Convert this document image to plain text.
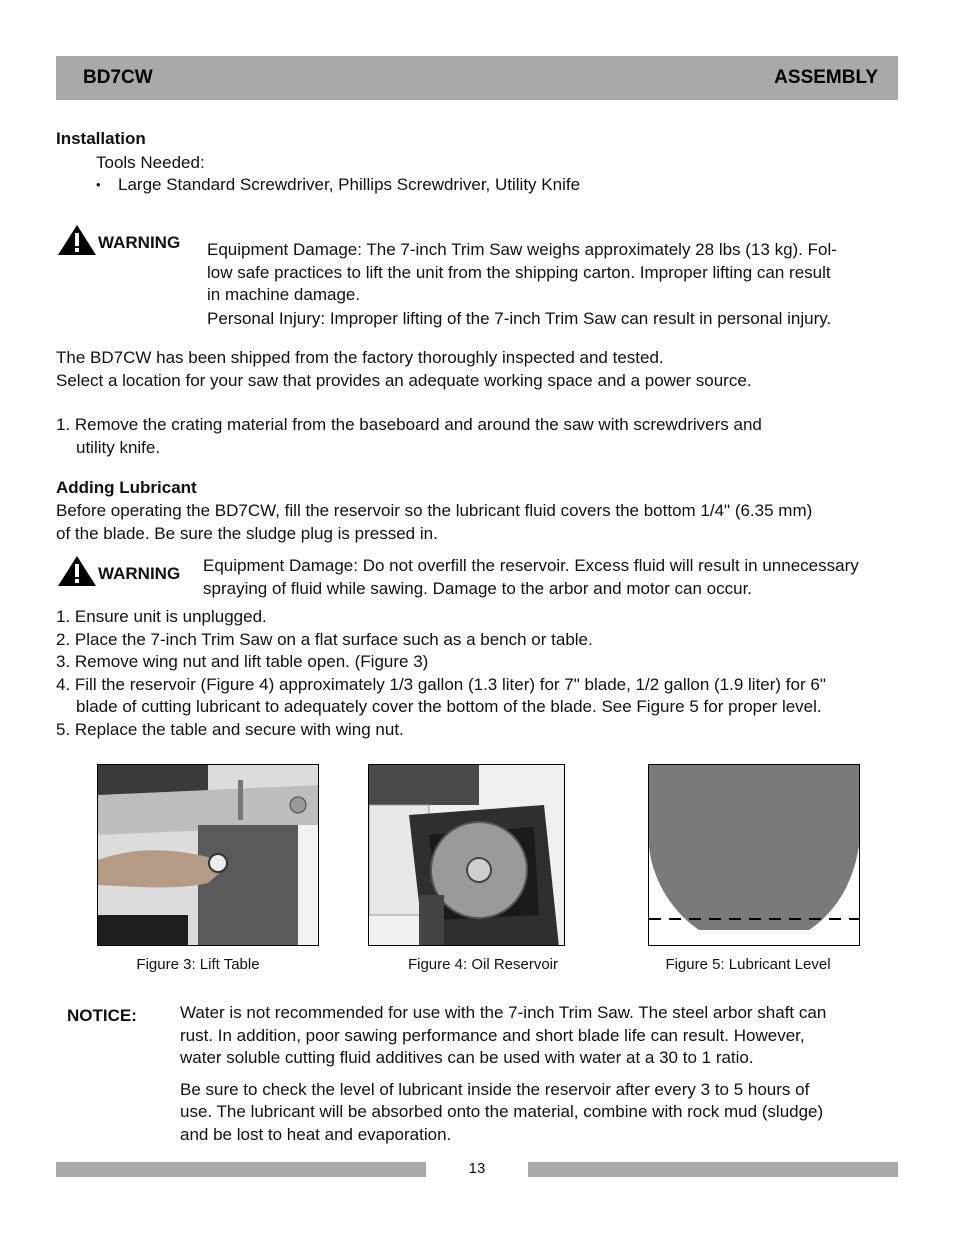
BD7CW	ASSEMBLY
Installation
Tools Needed:
•	Large Standard Screwdriver, Phillips Screwdriver, Utility Knife
WARNING Equipment Damage: The 7-inch Trim Saw weighs approximately 28 lbs (13 kg). Fol-

low safe practices to lift the unit from the shipping carton. Improper lifting can result

in machine damage.

Personal Injury: Improper lifting of the 7-inch Trim Saw can result in personal injury.

The BD7CW has been shipped from the factory thoroughly inspected and tested.

Select a location for your saw that provides an adequate working space and a power source.

1. Remove the crating material from the baseboard and around the saw with screwdrivers and

utility knife.

Adding Lubricant

Before operating the BD7CW, fill the reservoir so the lubricant fluid covers the bottom 1/4" (6.35 mm)

of the blade. Be sure the sludge plug is pressed in.

WARNING Equipment Damage: Do not overfill the reservoir. Excess fluid will result in unnecessary

spraying of fluid while sawing. Damage to the arbor and motor can occur.

1. Ensure unit is unplugged.

2. Place the 7-inch Trim Saw on a flat surface such as a bench or table.

3. Remove wing nut and lift table open. (Figure 3)

4. Fill the reservoir (Figure 4) approximately 1/3 gallon (1.3 liter) for 7" blade, 1/2 gallon (1.9 liter) for 6"

blade of cutting lubricant to adequately cover the bottom of the blade. See Figure 5 for proper level.

5. Replace the table and secure with wing nut.

Figure 3: Lift Table	Figure 4: Oil Reservoir	Figure 5: Lubricant Level
NOTICE:	Water is not recommended for use with the 7-inch Trim Saw. The steel arbor shaft can

rust. In addition, poor sawing performance and short blade life can result. However,

water soluble cutting fluid additives can be used with water at a 30 to 1 ratio.

Be sure to check the level of lubricant inside the reservoir after every 3 to 5 hours of

use. The lubricant will be absorbed onto the material, combine with rock mud (sludge)

and be lost to heat and evaporation.

13
